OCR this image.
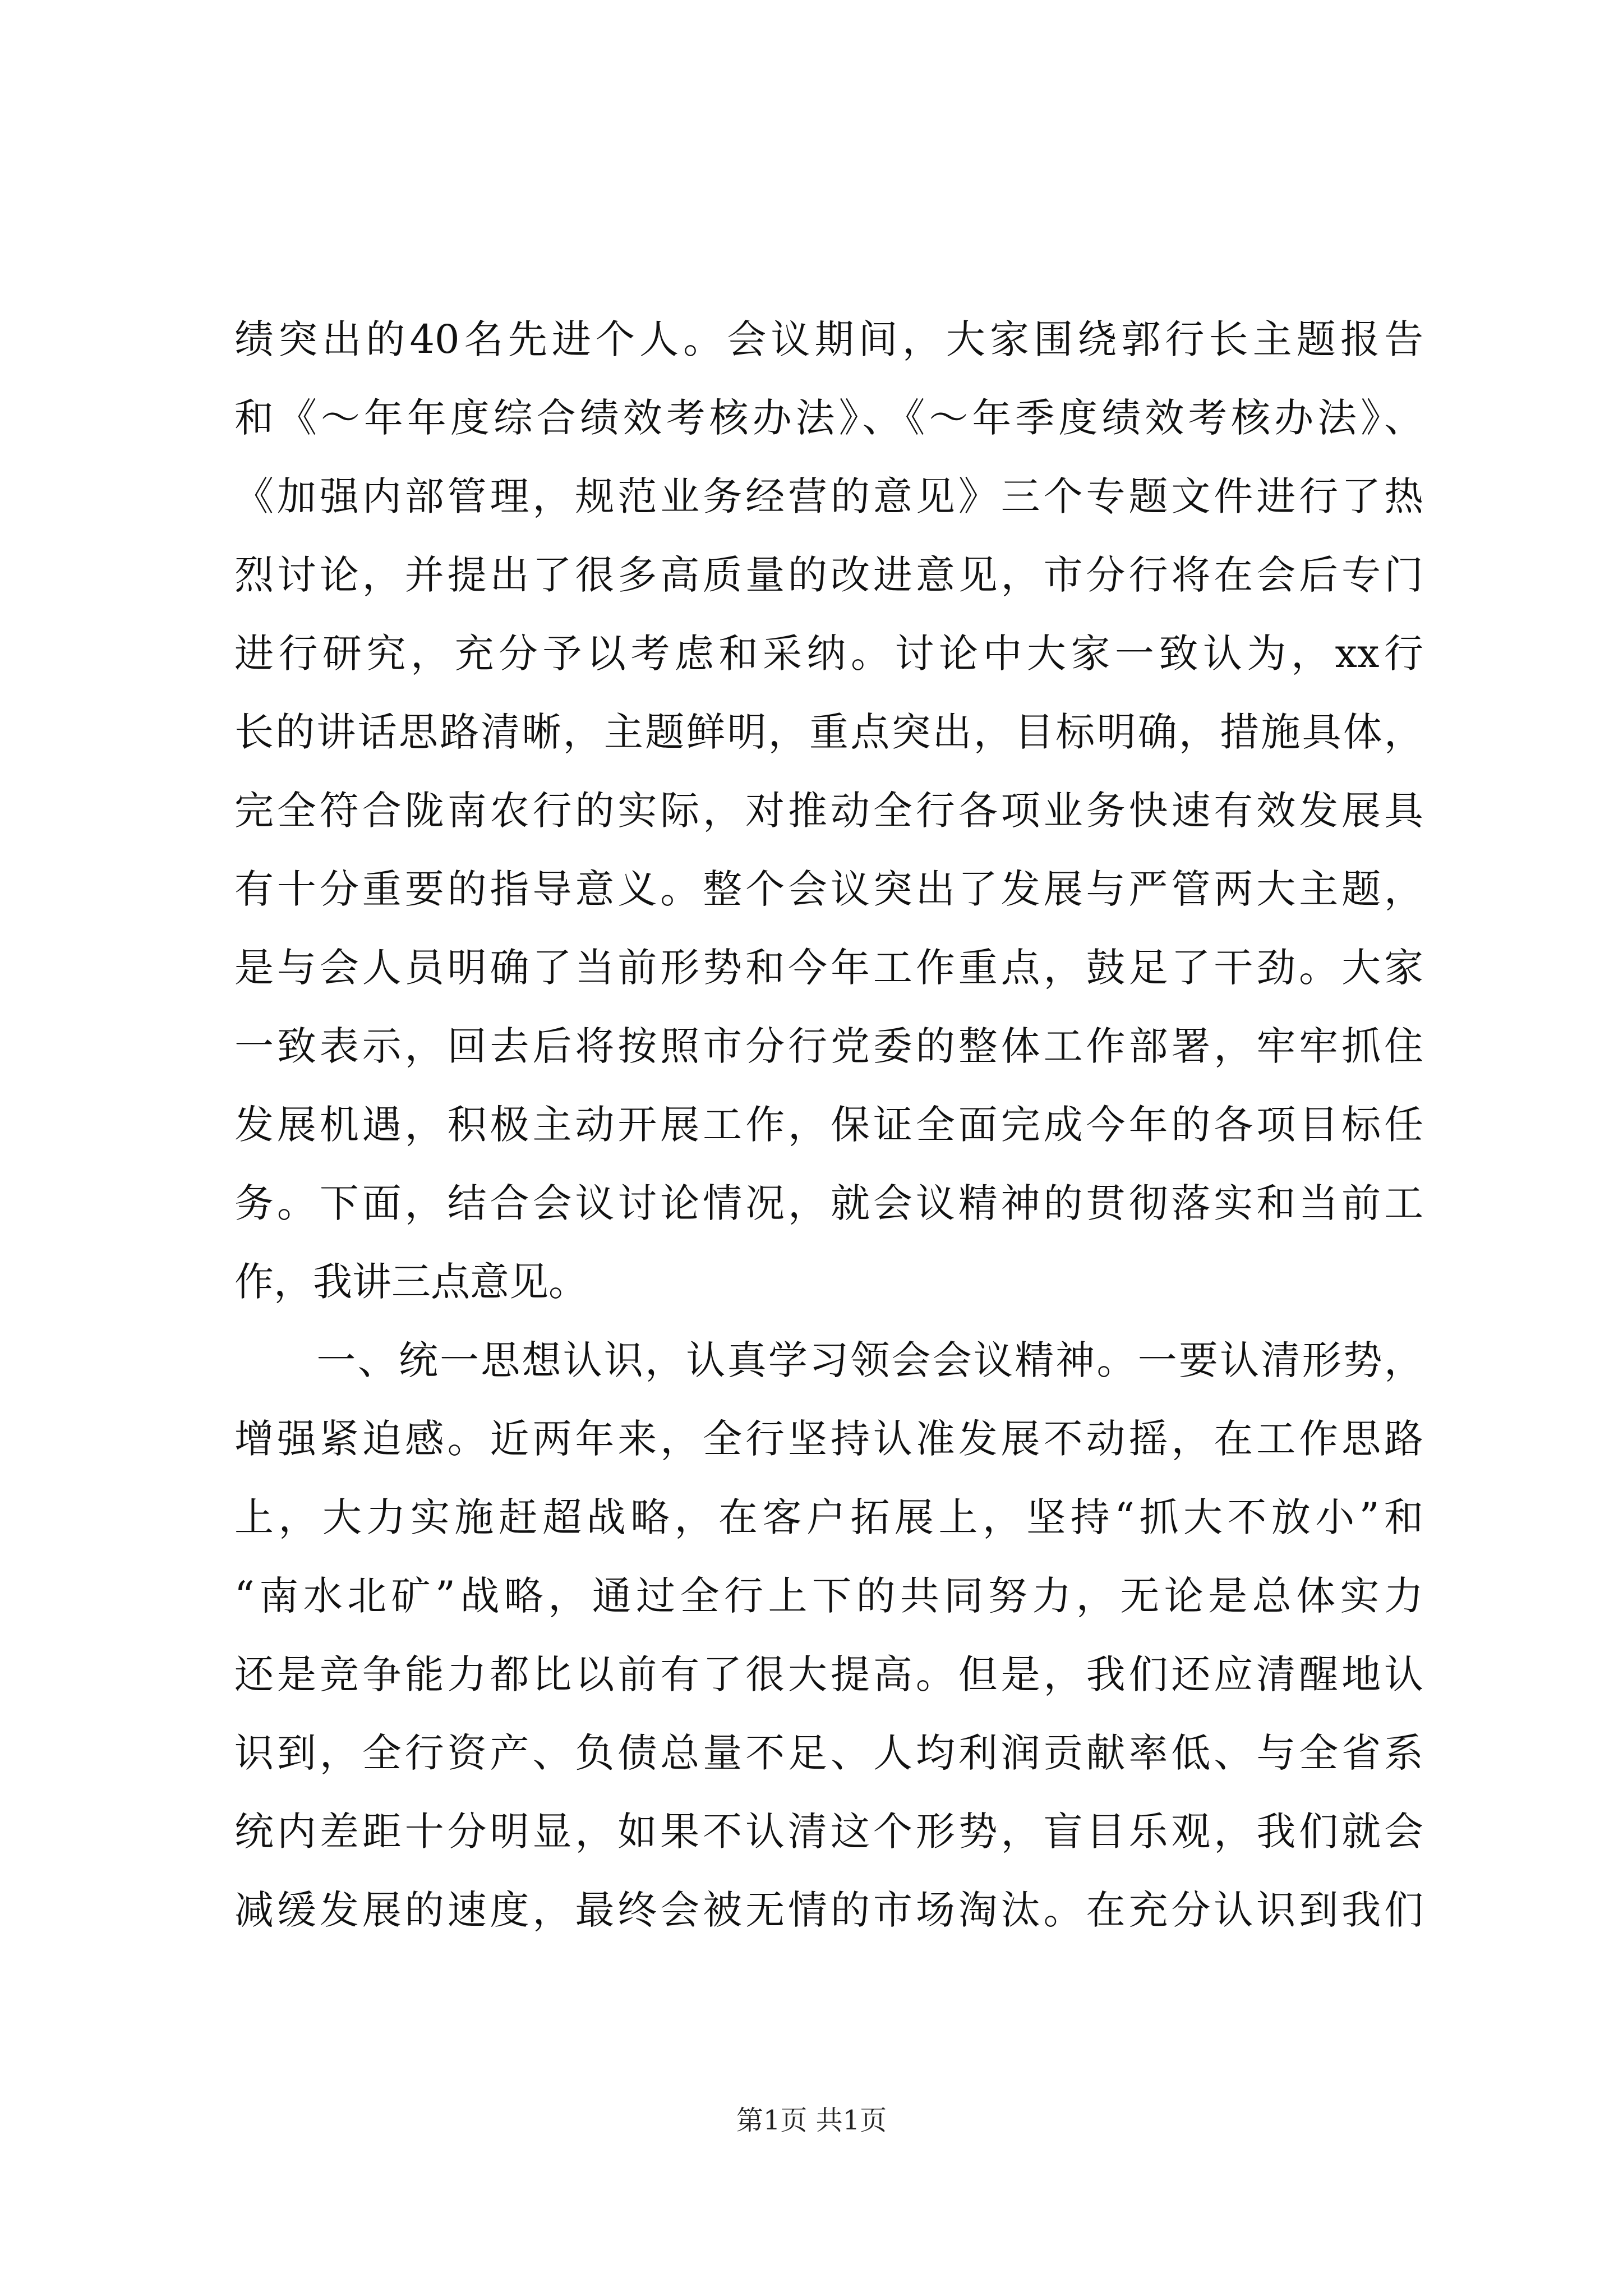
绩突出的40名先进个人。会议期间，大家围绕郭行长主题报告
和《～年年度综合绩效考核办法》、《～年季度绩效考核办法》、
《加强内部管理，规范业务经营的意见》三个专题文件进行了热
烈讨论，并提出了很多高质量的改进意见，市分行将在会后专门
进行研究，充分予以考虑和采纳。讨论中大家一致认为，xx行
长的讲话思路清晰，主题鲜明，重点突出，目标明确，措施具体，
完全符合陇南农行的实际，对推动全行各项业务快速有效发展具
有十分重要的指导意义。整个会议突出了发展与严管两大主题，
是与会人员明确了当前形势和今年工作重点，鼓足了干劲。大家
一致表示，回去后将按照市分行党委的整体工作部署，牢牢抓住
发展机遇，积极主动开展工作，保证全面完成今年的各项目标任
务。下面，结合会议讨论情况，就会议精神的贯彻落实和当前工
作，我讲三点意见。
　　一、统一思想认识，认真学习领会会议精神。一要认清形势，
增强紧迫感。近两年来，全行坚持认准发展不动摇，在工作思路
上，大力实施赶超战略，在客户拓展上，坚持“抓大不放小”和
“南水北矿”战略，通过全行上下的共同努力，无论是总体实力
还是竞争能力都比以前有了很大提高。但是，我们还应清醒地认
识到，全行资产、负债总量不足、人均利润贡献率低、与全省系
统内差距十分明显，如果不认清这个形势，盲目乐观，我们就会
减缓发展的速度，最终会被无情的市场淘汰。在充分认识到我们
第1页 共1页
